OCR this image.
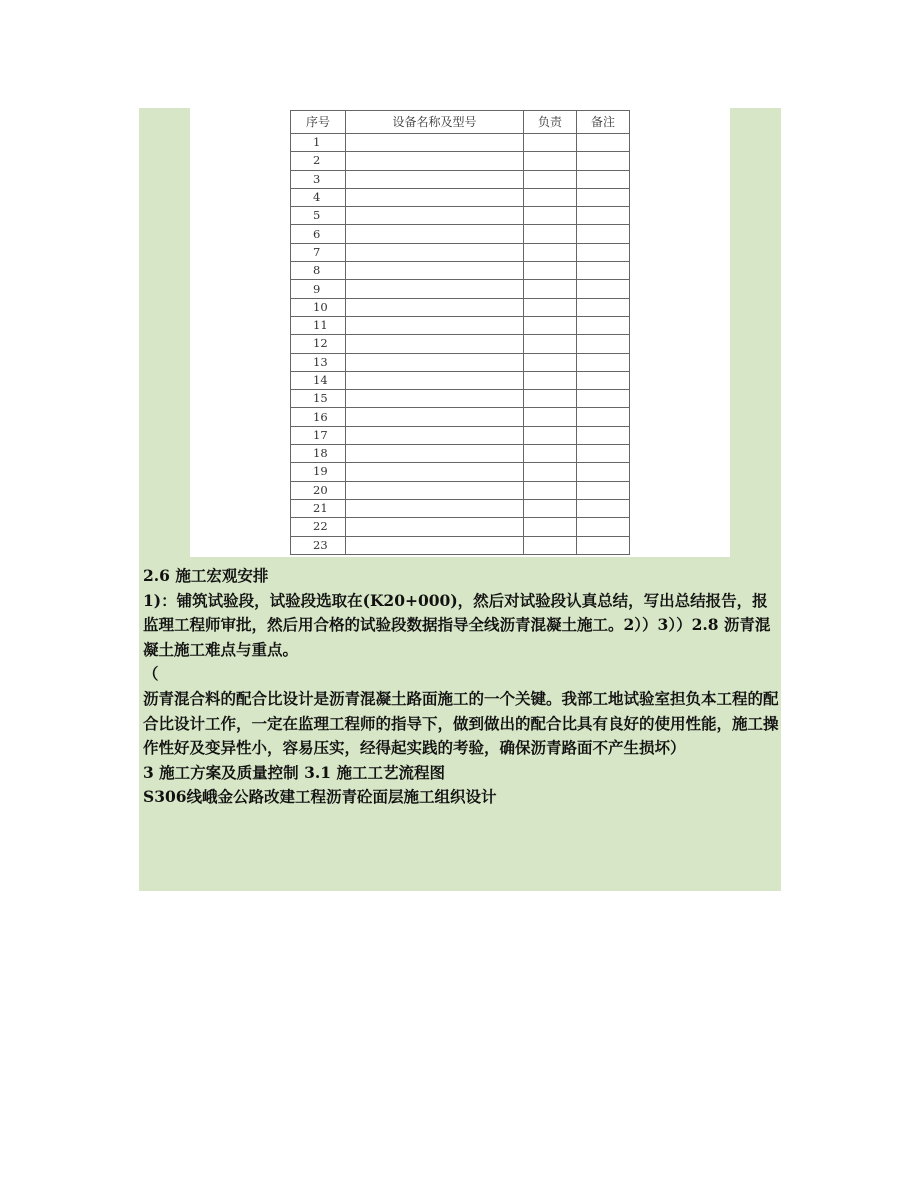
序号	设备名称及型号	负责	备注
1			
2			
3			
4			
5			
6			
7			
8			
9			
10			
11			
12			
13			
14			
15			
16			
17			
18			
19			
20			
21			
22			
23			

2.6 施工宏观安排

1)：铺筑试验段，试验段选取在(K20+000)，然后对试验段认真总结，写出总结报告，报监理工程师审批，然后用合格的试验段数据指导全线沥青混凝土施工。2））3））2.8 沥青混凝土施工难点与重点。

（

沥青混合料的配合比设计是沥青混凝土路面施工的一个关键。我部工地试验室担负本工程的配合比设计工作，一定在监理工程师的指导下，做到做出的配合比具有良好的使用性能，施工操作性好及变异性小，容易压实，经得起实践的考验，确保沥青路面不产生损坏）

3 施工方案及质量控制 3.1 施工工艺流程图

S306线峨金公路改建工程沥青砼面层施工组织设计
